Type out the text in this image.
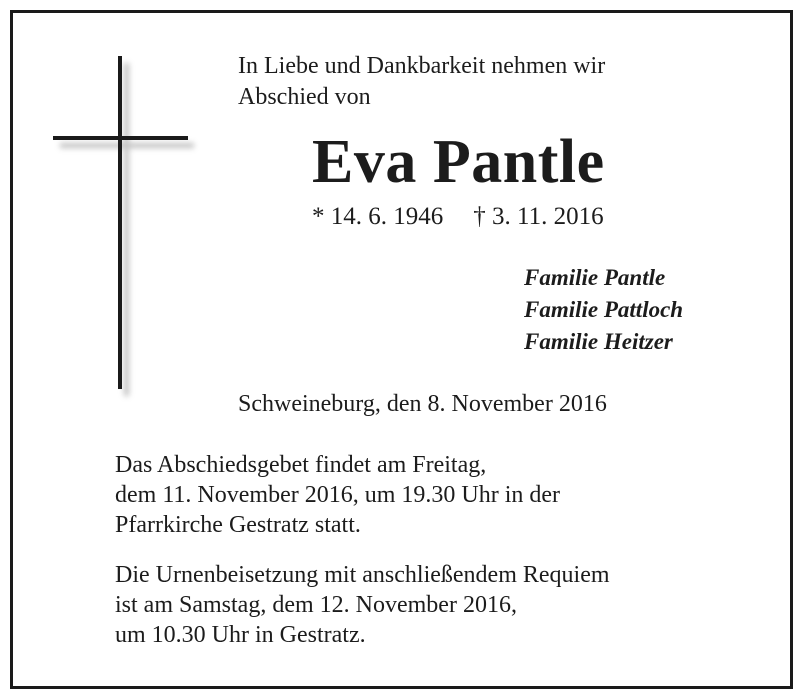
In Liebe und Dankbarkeit nehmen wir
Abschied von
Eva Pantle
* 14. 6. 1946 † 3. 11. 2016
Familie Pantle
Familie Pattloch
Familie Heitzer
Schweineburg, den 8. November 2016
Das Abschiedsgebet findet am Freitag,
dem 11. November 2016, um 19.30 Uhr in der
Pfarrkirche Gestratz statt.
Die Urnenbeisetzung mit anschließendem Requiem
ist am Samstag, dem 12. November 2016,
um 10.30 Uhr in Gestratz.
